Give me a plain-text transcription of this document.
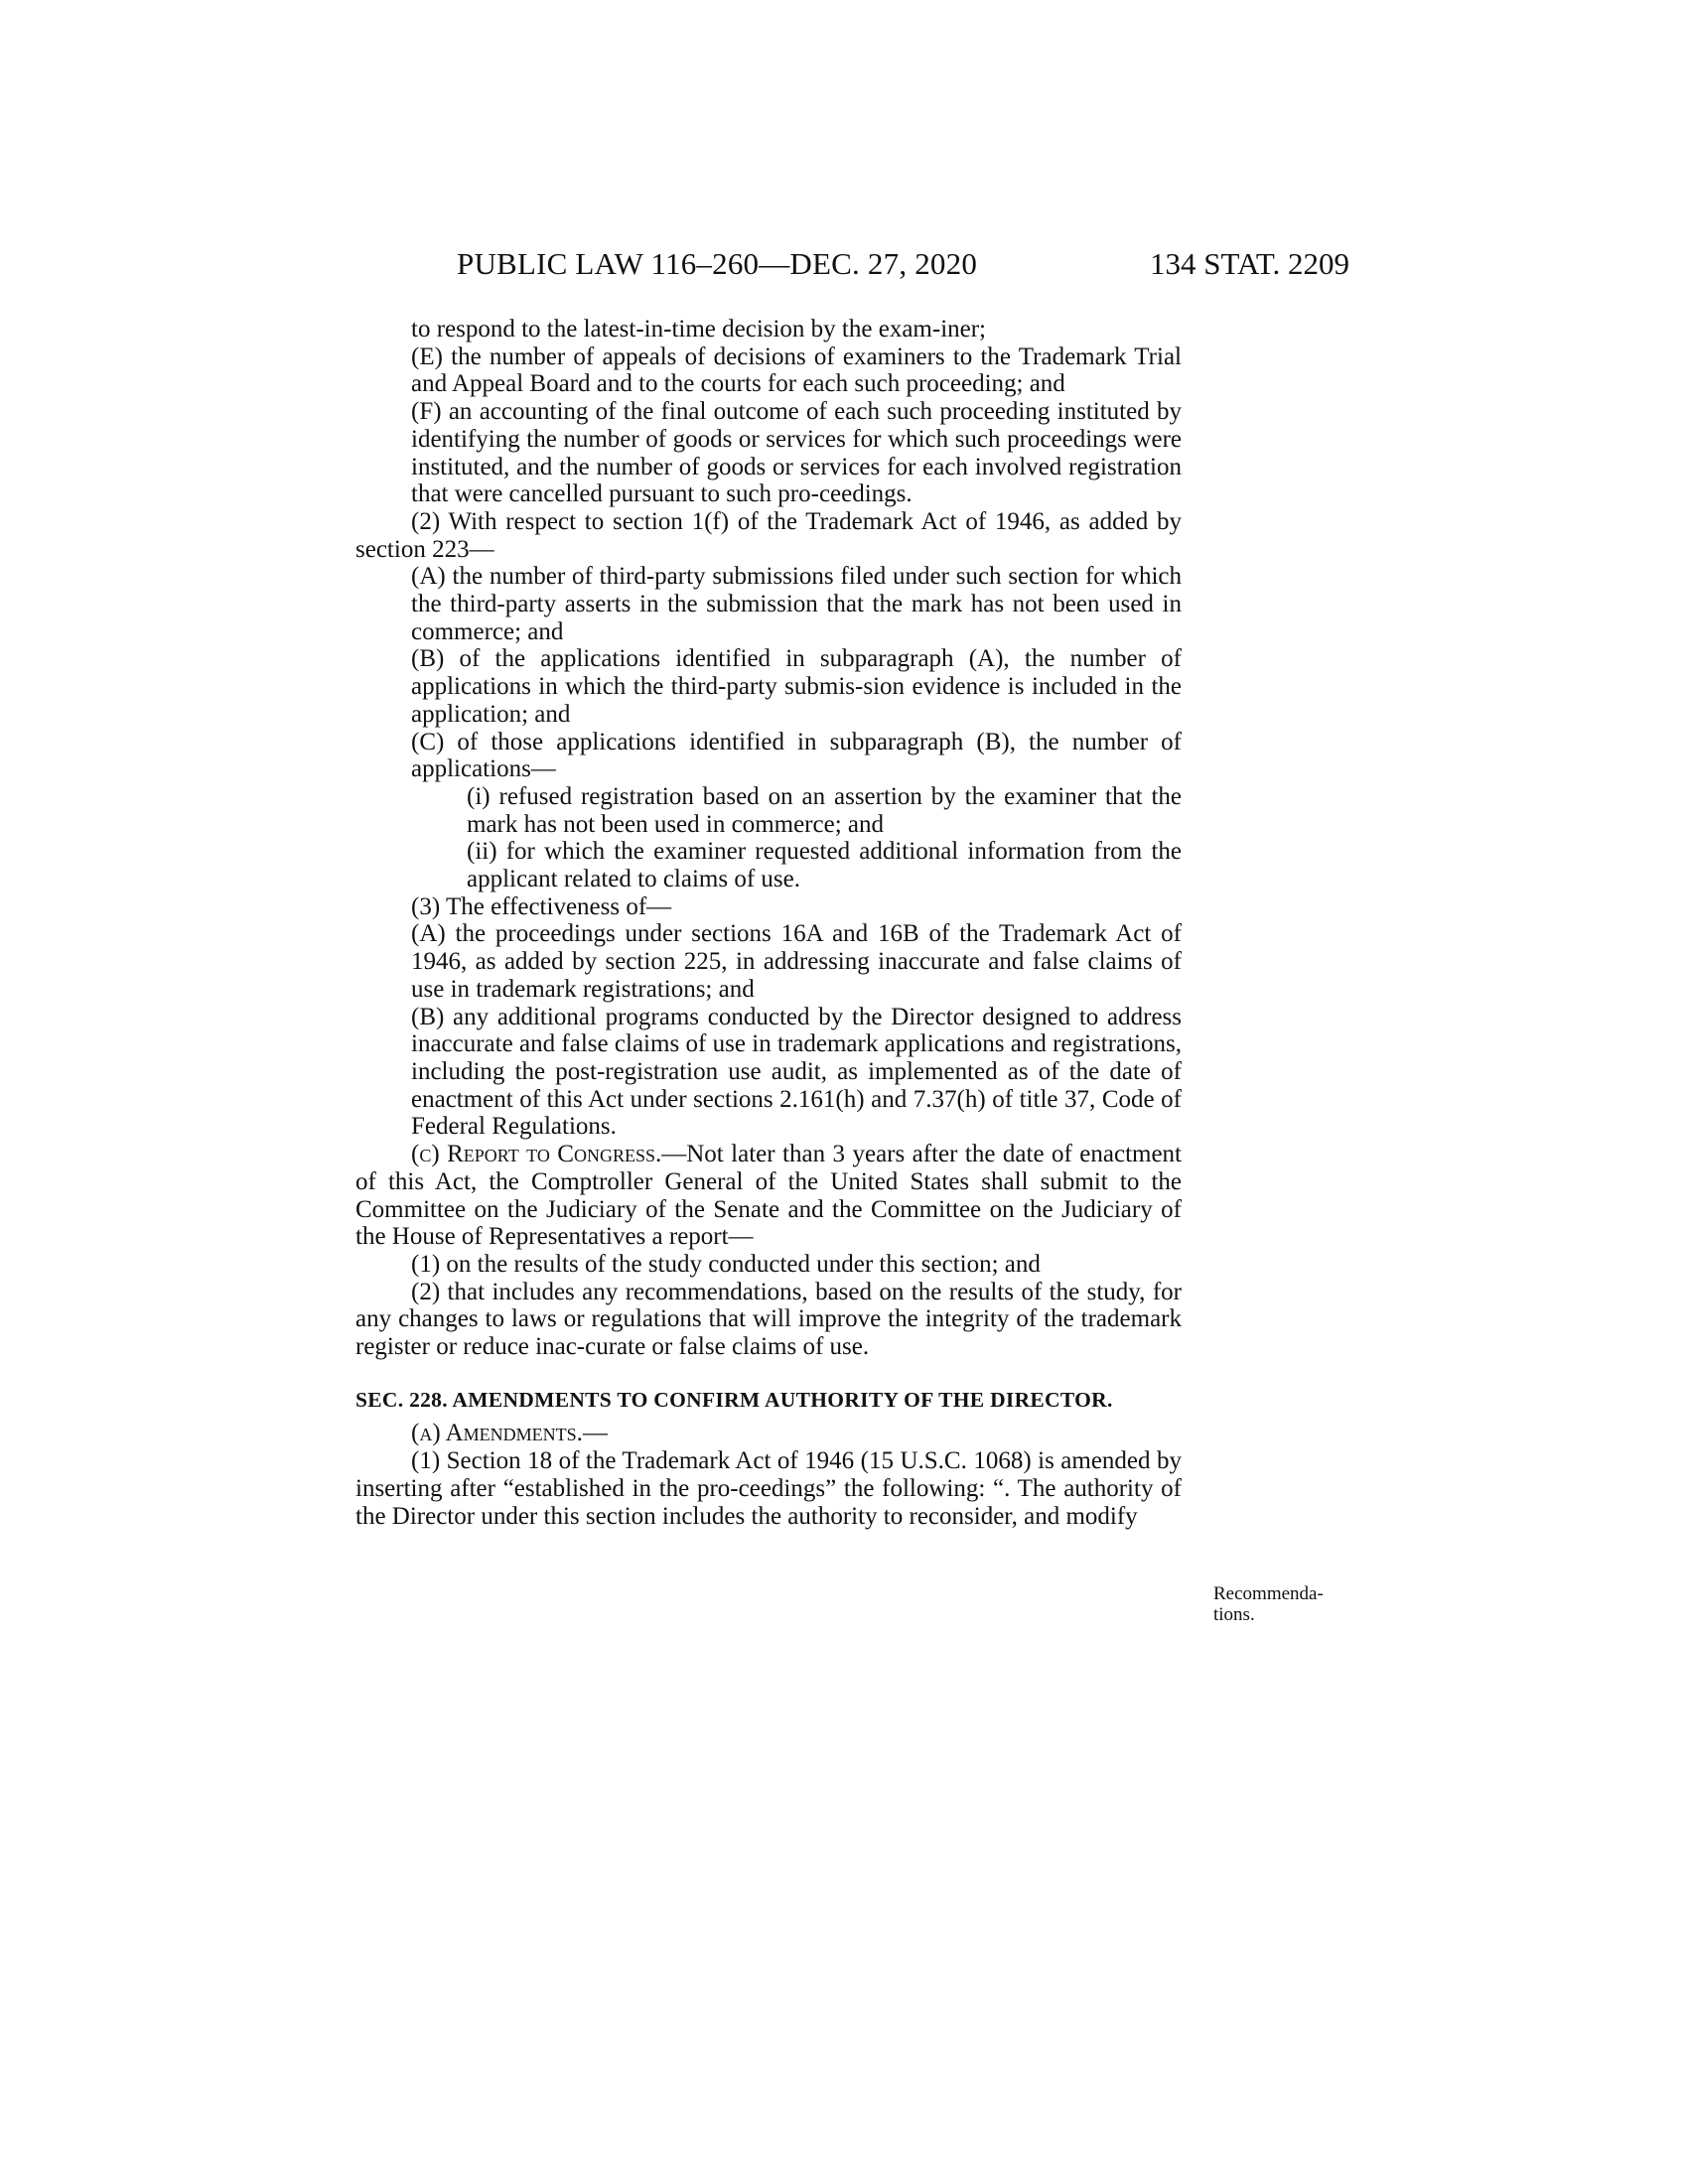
PUBLIC LAW 116–260—DEC. 27, 2020	134 STAT. 2209

to respond to the latest-in-time decision by the exam-iner;

(E) the number of appeals of decisions of examiners to the Trademark Trial and Appeal Board and to the courts for each such proceeding; and

(F) an accounting of the final outcome of each such proceeding instituted by identifying the number of goods or services for which such proceedings were instituted, and the number of goods or services for each involved registration that were cancelled pursuant to such pro-ceedings.

(2) With respect to section 1(f) of the Trademark Act of 1946, as added by section 223—

(A) the number of third-party submissions filed under such section for which the third-party asserts in the submission that the mark has not been used in commerce; and

(B) of the applications identified in subparagraph (A), the number of applications in which the third-party submis-sion evidence is included in the application; and

(C) of those applications identified in subparagraph (B), the number of applications—

(i) refused registration based on an assertion by the examiner that the mark has not been used in commerce; and

(ii) for which the examiner requested additional information from the applicant related to claims of use.

(3) The effectiveness of—

(A) the proceedings under sections 16A and 16B of the Trademark Act of 1946, as added by section 225, in addressing inaccurate and false claims of use in trademark registrations; and

(B) any additional programs conducted by the Director designed to address inaccurate and false claims of use in trademark applications and registrations, including the post-registration use audit, as implemented as of the date of enactment of this Act under sections 2.161(h) and 7.37(h) of title 37, Code of Federal Regulations.

(c) Report to Congress.—Not later than 3 years after the date of enactment of this Act, the Comptroller General of the United States shall submit to the Committee on the Judiciary of the Senate and the Committee on the Judiciary of the House of Representatives a report—

(1) on the results of the study conducted under this section; and

(2) that includes any recommendations, based on the results of the study, for any changes to laws or regulations that will improve the integrity of the trademark register or reduce inac-curate or false claims of use.

SEC. 228. AMENDMENTS TO CONFIRM AUTHORITY OF THE DIRECTOR.

(a) Amendments.—

(1) Section 18 of the Trademark Act of 1946 (15 U.S.C. 1068) is amended by inserting after “established in the pro-ceedings” the following: “. The authority of the Director under this section includes the authority to reconsider, and modify

Recommenda-
tions.
